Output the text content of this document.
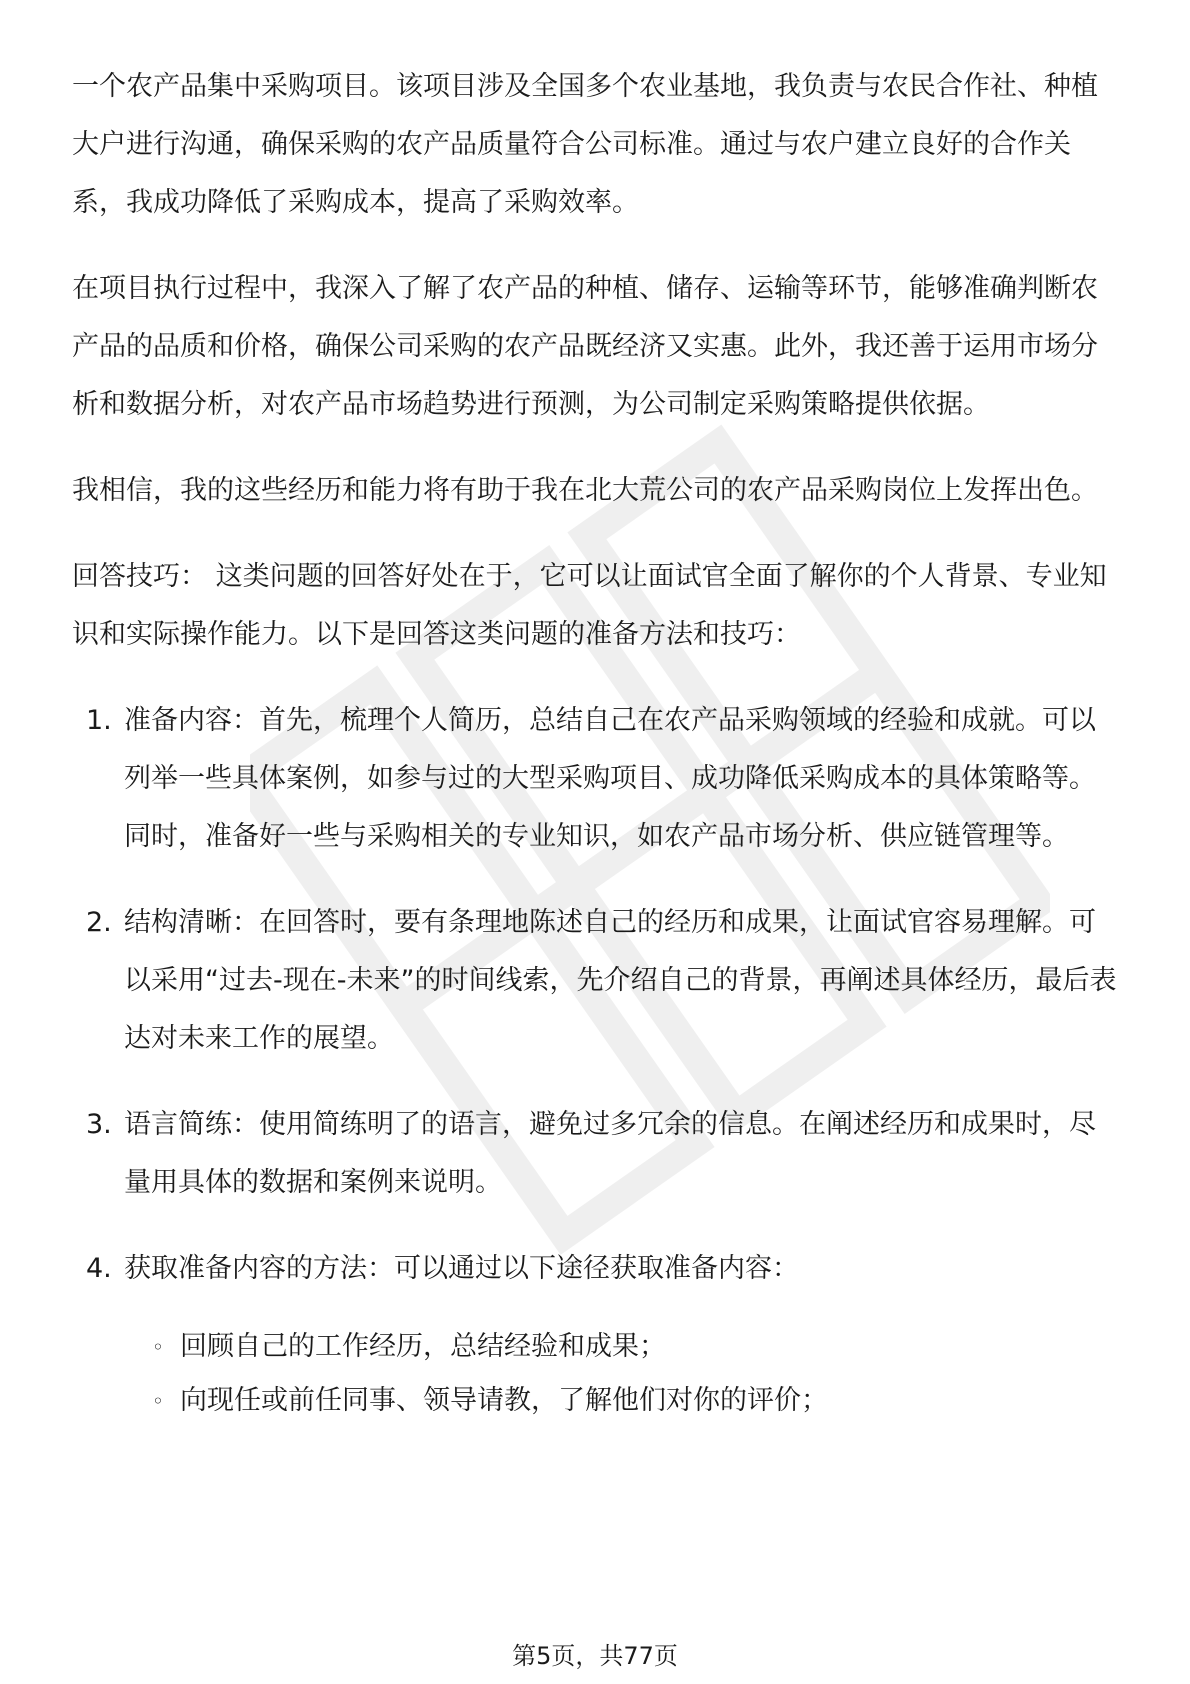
一个农产品集中采购项目。该项目涉及全国多个农业基地，我负责与农民合作社、种植大户进行沟通，确保采购的农产品质量符合公司标准。通过与农户建立良好的合作关系，我成功降低了采购成本，提高了采购效率。

在项目执行过程中，我深入了解了农产品的种植、储存、运输等环节，能够准确判断农产品的品质和价格，确保公司采购的农产品既经济又实惠。此外，我还善于运用市场分析和数据分析，对农产品市场趋势进行预测，为公司制定采购策略提供依据。

我相信，我的这些经历和能力将有助于我在北大荒公司的农产品采购岗位上发挥出色。

回答技巧： 这类问题的回答好处在于，它可以让面试官全面了解你的个人背景、专业知识和实际操作能力。以下是回答这类问题的准备方法和技巧：

1. 准备内容：首先，梳理个人简历，总结自己在农产品采购领域的经验和成就。可以列举一些具体案例，如参与过的大型采购项目、成功降低采购成本的具体策略等。同时，准备好一些与采购相关的专业知识，如农产品市场分析、供应链管理等。
2. 结构清晰：在回答时，要有条理地陈述自己的经历和成果，让面试官容易理解。可以采用“过去-现在-未来”的时间线索，先介绍自己的背景，再阐述具体经历，最后表达对未来工作的展望。
3. 语言简练：使用简练明了的语言，避免过多冗余的信息。在阐述经历和成果时，尽量用具体的数据和案例来说明。
4. 获取准备内容的方法：可以通过以下途径获取准备内容：
◦ 回顾自己的工作经历，总结经验和成果；
◦ 向现任或前任同事、领导请教，了解他们对你的评价；
第5页，共77页
